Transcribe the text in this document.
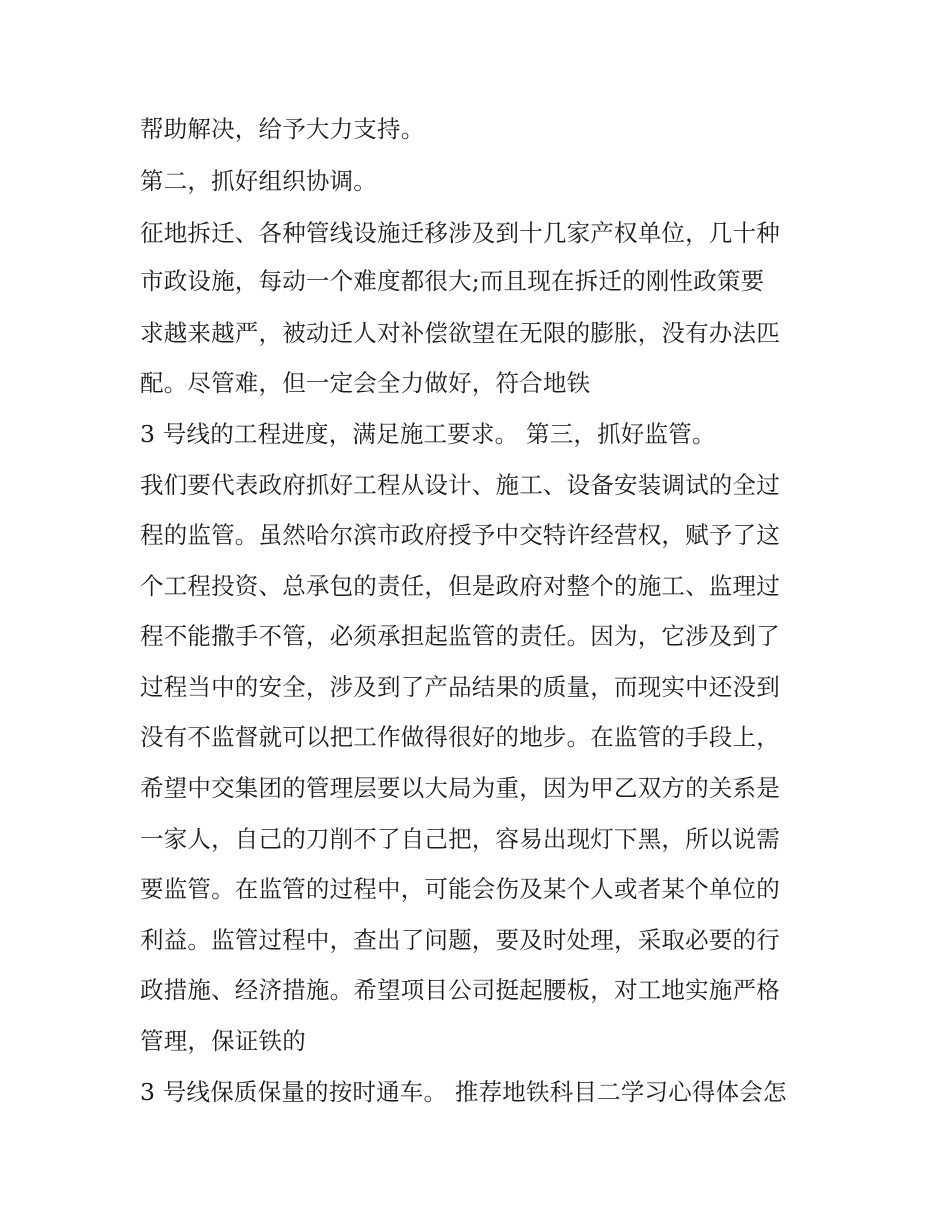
帮助解决，给予大力支持。
第二，抓好组织协调。
征地拆迁、各种管线设施迁移涉及到十几家产权单位，几十种
市政设施，每动一个难度都很大;而且现在拆迁的刚性政策要
求越来越严，被动迁人对补偿欲望在无限的膨胀，没有办法匹
配。尽管难，但一定会全力做好，符合地铁
3 号线的工程进度，满足施工要求。 第三，抓好监管。
我们要代表政府抓好工程从设计、施工、设备安装调试的全过
程的监管。虽然哈尔滨市政府授予中交特许经营权，赋予了这
个工程投资、总承包的责任，但是政府对整个的施工、监理过
程不能撒手不管，必须承担起监管的责任。因为，它涉及到了
过程当中的安全，涉及到了产品结果的质量，而现实中还没到
没有不监督就可以把工作做得很好的地步。在监管的手段上，
希望中交集团的管理层要以大局为重，因为甲乙双方的关系是
一家人，自己的刀削不了自己把，容易出现灯下黑，所以说需
要监管。在监管的过程中，可能会伤及某个人或者某个单位的
利益。监管过程中，查出了问题，要及时处理，采取必要的行
政措施、经济措施。希望项目公司挺起腰板，对工地实施严格
管理，保证铁的
3 号线保质保量的按时通车。 推荐地铁科目二学习心得体会怎
